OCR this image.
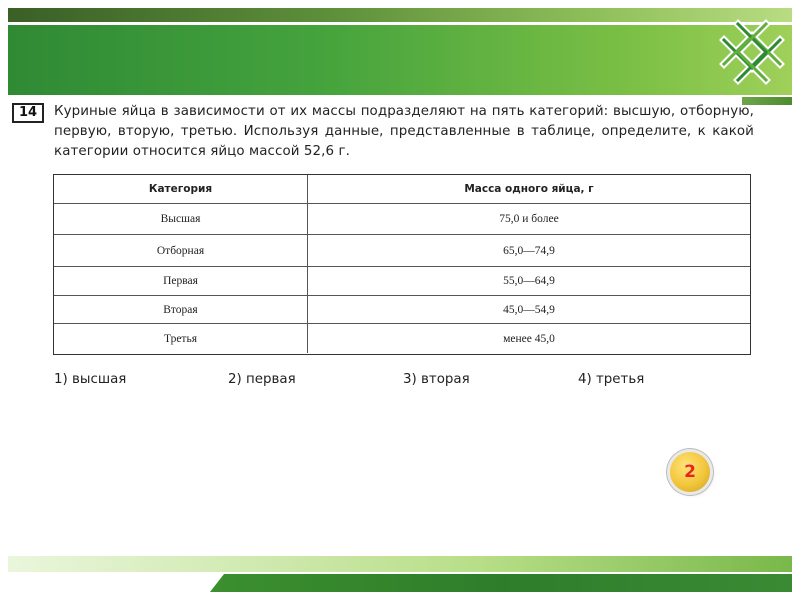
14	Куриные яйца в зависимости от их массы подразделяют на пять категорий: высшую, отборную, первую, вторую, третью. Используя данные, представленные в таблице, определите, к какой категории относится яйцо массой 52,6 г.
Категория	Масса одного яйца, г
Высшая	75,0 и более
Отборная	65,0—74,9
Первая	55,0—64,9
Вторая	45,0—54,9
Третья	менее 45,0
1) высшая	2) первая	3) вторая	4) третья
2
